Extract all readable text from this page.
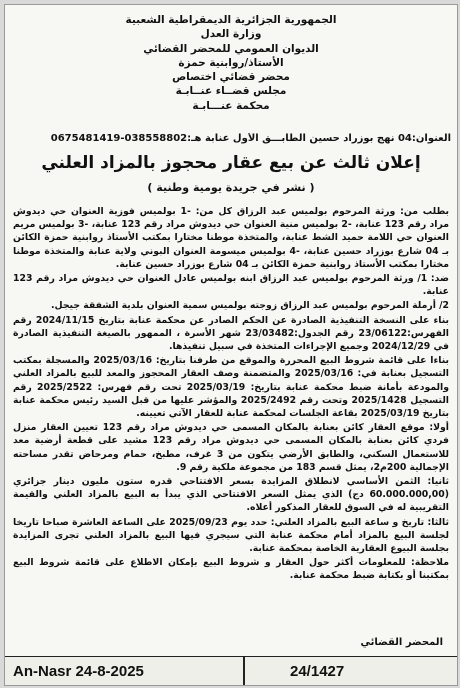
الجمهورية الجزائرية الديمقراطية الشعبية
وزارة العدل
الديوان العمومي للمحضر القضائي
الأستاذ/روابنية حمزة
محضر قضائي اختصاص
مجلس قضــاء عنــابـة
محكمة عنـــابـة
العنوان:04 نهج بوزراد حسين الطابـــق الأول عنابة هـ:038558802-0675481419
إعلان ثالث عن بيع عقار محجوز بالمزاد العلني
( نشر في جريدة يومية وطنية )

بطلب من: ورثة المرحوم بولميس عبد الرزاق كل من: -1 بولميس فوزية العنوان حي ديدوش مراد رقم 123 عنابة، -2 بولميس منية العنوان حي ديدوش مراد رقم 123 عنابة، -3 بولميس مريم العنوان حي اللامة حميد الشط عنابة، والمتخذة موطنا مختارا بمكتب الأستاذ روابنية حمزة الكائن بـ 04 شارع بوزراد حسين عنابة، -4 بولميس ميسومة العنوان البوني ولاية عنابة والمتخذة موطنا مختارا بمكتب الأستاذ روابنية حمزة الكائن بـ 04 شارع بوزراد حسين عنابة.

ضد: 1/ ورثة المرحوم بولميس عبد الرزاق ابنه بولميس عادل العنوان حي ديدوش مراد رقم 123 عنابة.

2/ أرملة المرحوم بولميس عبد الرزاق زوجته بولميس سمية العنوان بلدية الشفقة جيجل.

بناء على النسخة التنفيذية الصادرة عن الحكم الصادر عن محكمة عنابة بتاريخ 2024/11/15 رقم الفهرس:23/06122 رقم الجدول:23/03482 شهر الأسرة ، الممهور بالصيغة التنفيذية الصادرة في 2024/12/29 وجميع الإجراءات المتخذة في سبيل تنفيذها.

بناءا على قائمة شروط البيع المحررة والموقع من طرفنا بتاريخ: 2025/03/16 والمسجلة بمكتب التسجيل بعنابة في: 2025/03/16 والمتضمنة وصف العقار المحجوز والمعد للبيع بالمزاد العلني والمودعة بأمانة ضبط محكمة عنابة بتاريخ: 2025/03/19 تحت رقم فهرس: 2025/2522 رقم التسجيل 2025/1428 وتحت رقم 2025/2492 والمؤشر عليها من قبل السيد رئيس محكمة عنابة بتاريخ 2025/03/19 بقاعة الجلسات لمحكمة عنابة للعقار الآتي تعيينه.

أولا: موقع العقار كائن بعنابة بالمكان المسمى حي ديدوش مراد رقم 123 تعيين العقار منزل فردي كائن بعنابة بالمكان المسمى حي ديدوش مراد رقم 123 مشيد على قطعة أرضية معد للاستعمال السكني، والطابق الأرضي يتكون من 3 غرف، مطبخ، حمام ومرحاض تقدر مساحته الإجمالية 200م2، يمثل قسم 183 من مجموعة ملكية رقم 9.

ثانيا: الثمن الأساسي لانطلاق المزايدة بسعر الافتتاحي قدره ستون مليون دينار جزائري (60.000.000,00 دج) الذي يمثل السعر الافتتاحي الذي يبدأ به البيع بالمزاد العلني والقيمة التقريبية له في السوق للعقار المذكور أعلاه.

ثالثا: تاريخ و ساعة البيع بالمزاد العلني: حدد يوم 2025/09/23 على الساعة العاشرة صباحا تاريخا لجلسة البيع بالمزاد أمام محكمة عنابة التي سيجري فيها البيع بالمزاد العلني تجرى المزايدة بجلسة البيوع العقارية الخاصة بمحكمة عنابة.

ملاحظة: للمعلومات أكثر حول العقار و شروط البيع بإمكان الاطلاع على قائمة شروط البيع بمكتبنا أو بكتابة ضبط محكمة عنابة.

المحضر القضائي
An-Nasr 24-8-2025	24/1427
